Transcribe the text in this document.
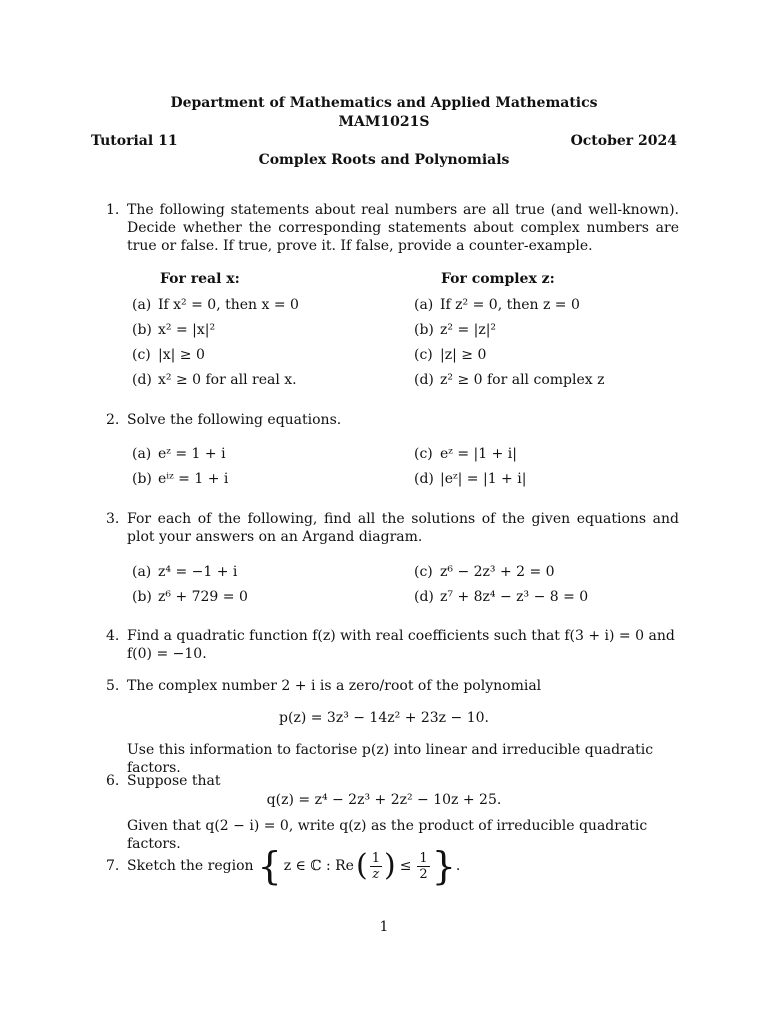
Department of Mathematics and Applied Mathematics
MAM1021S
Tutorial 11	October 2024
Complex Roots and Polynomials
1. The following statements about real numbers are all true (and well-known). Decide whether the corresponding statements about complex numbers are true or false. If true, prove it. If false, provide a counter-example.
For real x:	For complex z:
(a) If x² = 0, then x = 0
(b) x² = |x|²
(c) |x| ≥ 0
(d) x² ≥ 0 for all real x.
(a) If z² = 0, then z = 0
(b) z² = |z|²
(c) |z| ≥ 0
(d) z² ≥ 0 for all complex z
2. Solve the following equations.
(a) eᶻ = 1 + i
(b) eⁱᶻ = 1 + i
(c) eᶻ = |1 + i|
(d) |eᶻ| = |1 + i|
3. For each of the following, find all the solutions of the given equations and plot your answers on an Argand diagram.
(a) z⁴ = −1 + i
(b) z⁶ + 729 = 0
(c) z⁶ − 2z³ + 2 = 0
(d) z⁷ + 8z⁴ − z³ − 8 = 0
4. Find a quadratic function f(z) with real coefficients such that f(3 + i) = 0 and f(0) = −10.
5. The complex number 2 + i is a zero/root of the polynomial
p(z) = 3z³ − 14z² + 23z − 10.
Use this information to factorise p(z) into linear and irreducible quadratic factors.
6. Suppose that
q(z) = z⁴ − 2z³ + 2z² − 10z + 25.
Given that q(2 − i) = 0, write q(z) as the product of irreducible quadratic factors.
7. Sketch the region { z ∈ ℂ : Re ( $\frac{1}{z}$ ) ≤ $\frac{1}{2}$ } .
1
